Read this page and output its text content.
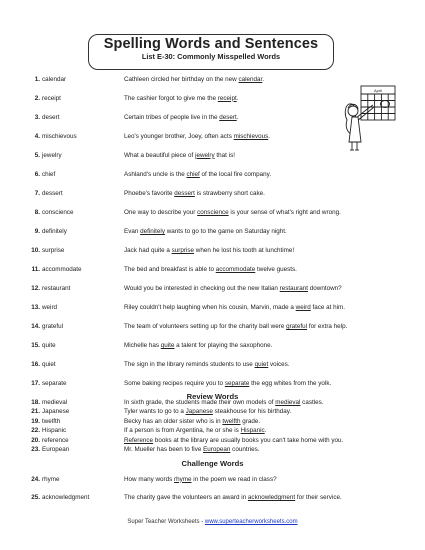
Spelling Words and Sentences
List E-30: Commonly Misspelled Words
April
1. calendar	Cathleen circled her birthday on the new calendar.
2. receipt	The cashier forgot to give me the receipt.
3. desert	Certain tribes of people live in the desert.
4. mischievous	Leo's younger brother, Joey, often acts mischievous.
5. jewelry	What a beautiful piece of jewelry that is!
6. chief	Ashland's uncle is the chief of the local fire company.
7. dessert	Phoebe's favorite dessert is strawberry short cake.
8. conscience	One way to describe your conscience is your sense of what's right and wrong.
9. definitely	Evan definitely wants to go to the game on Saturday night.
10. surprise	Jack had quite a surprise when he lost his tooth at lunchtime!
11. accommodate	The bed and breakfast is able to accommodate twelve guests.
12. restaurant	Would you be interested in checking out the new Italian restaurant downtown?
13. weird	Riley couldn't help laughing when his cousin, Marvin, made a weird face at him.
14. grateful	The team of volunteers setting up for the charity ball were grateful for extra help.
15. quite	Michelle has quite a talent for playing the saxophone.
16. quiet	The sign in the library reminds students to use quiet voices.
17. separate	Some baking recipes require you to separate the egg whites from the yolk.
18. medieval	In sixth grade, the students made their own models of medieval castles.
19. twelfth	Becky has an older sister who is in twelfth grade.
20. reference	Reference books at the library are usually books you can't take home with you.
Review Words
21. Japanese	Tyler wants to go to a Japanese steakhouse for his birthday.
22. Hispanic	If a person is from Argentina, he or she is Hispanic.
23. European	Mr. Mueller has been to five European countries.
Challenge Words
24. rhyme	How many words rhyme in the poem we read in class?
25. acknowledgment	The charity gave the volunteers an award in acknowledgment for their service.
Super Teacher Worksheets - www.superteacherworksheets.com
